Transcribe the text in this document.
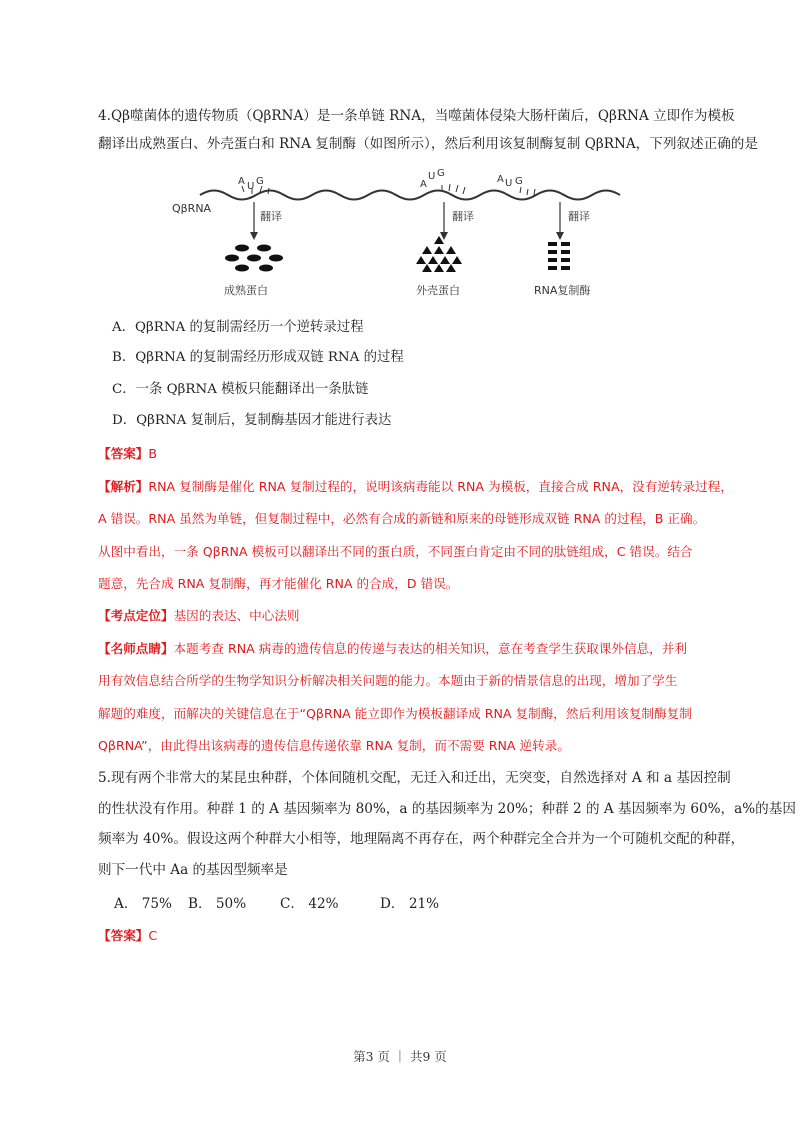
4.Qβ噬菌体的遗传物质（QβRNA）是一条单链 RNA，当噬菌体侵染大肠杆菌后，QβRNA 立即作为模板
翻译出成熟蛋白、外壳蛋白和 RNA 复制酶（如图所示），然后利用该复制酶复制 QβRNA，下列叙述正确的是
QβRNA
A U G	A
U G
A U G
翻译	翻译	翻译
成熟蛋白	外壳蛋白	RNA复制酶
A．QβRNA 的复制需经历一个逆转录过程
B．QβRNA 的复制需经历形成双链 RNA 的过程
C．一条 QβRNA 模板只能翻译出一条肽链
D．QβRNA 复制后，复制酶基因才能进行表达
【答案】B
【解析】RNA 复制酶是催化 RNA 复制过程的，说明该病毒能以 RNA 为模板，直接合成 RNA，没有逆转录过程，
A 错误。RNA 虽然为单链，但复制过程中，必然有合成的新链和原来的母链形成双链 RNA 的过程，B 正确。
从图中看出，一条 QβRNA 模板可以翻译出不同的蛋白质，不同蛋白肯定由不同的肽链组成，C 错误。结合
题意，先合成 RNA 复制酶，再才能催化 RNA 的合成，D 错误。
【考点定位】基因的表达、中心法则
【名师点睛】本题考查 RNA 病毒的遗传信息的传递与表达的相关知识，意在考查学生获取课外信息，并利
用有效信息结合所学的生物学知识分析解决相关问题的能力。本题由于新的情景信息的出现，增加了学生
解题的难度，而解决的关键信息在于“QβRNA 能立即作为模板翻译成 RNA 复制酶，然后利用该复制酶复制
QβRNA”，由此得出该病毒的遗传信息传递依靠 RNA 复制，而不需要 RNA 逆转录。
5.现有两个非常大的某昆虫种群，个体间随机交配，无迁入和迁出，无突变，自然选择对 A 和 a 基因控制
的性状没有作用。种群 1 的 A 基因频率为 80%，a 的基因频率为 20%；种群 2 的 A 基因频率为 60%，a%的基因
频率为 40%。假设这两个种群大小相等，地理隔离不再存在，两个种群完全合并为一个可随机交配的种群，
则下一代中 Aa 的基因型频率是
A． 75% B． 50% C． 42%	D． 21%
【答案】C
第3 页 ｜ 共9 页
